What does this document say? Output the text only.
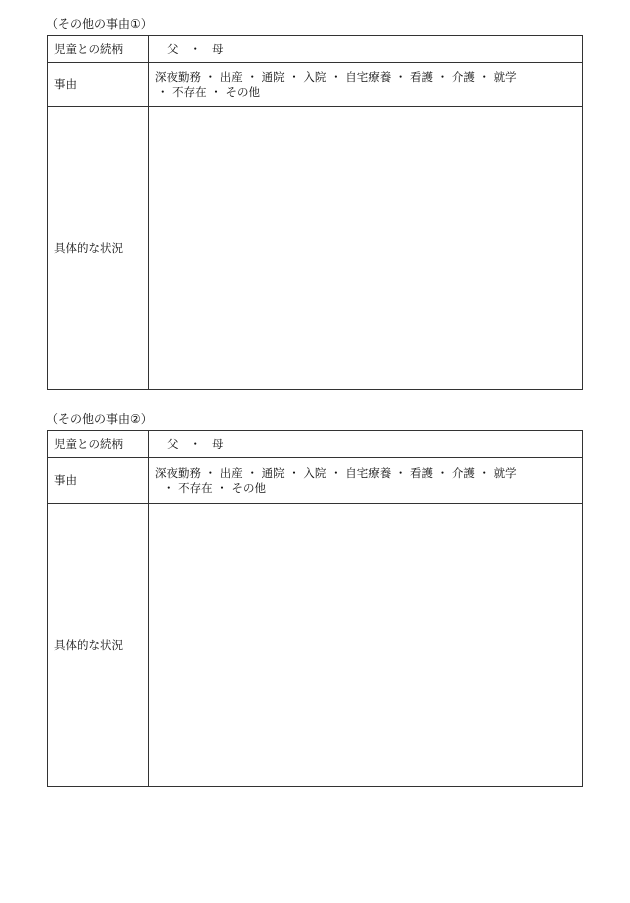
（その他の事由①）
児童との続柄	父 ・ 母

事由	深夜勤務 ・ 出産 ・ 通院 ・ 入院 ・ 自宅療養 ・ 看護 ・ 介護 ・ 就学
・ 不存在 ・ その他

具体的な状況	
（その他の事由②）
児童との続柄	父 ・ 母

事由	深夜勤務 ・ 出産 ・ 通院 ・ 入院 ・ 自宅療養 ・ 看護 ・ 介護 ・ 就学
・ 不存在 ・ その他

具体的な状況	
